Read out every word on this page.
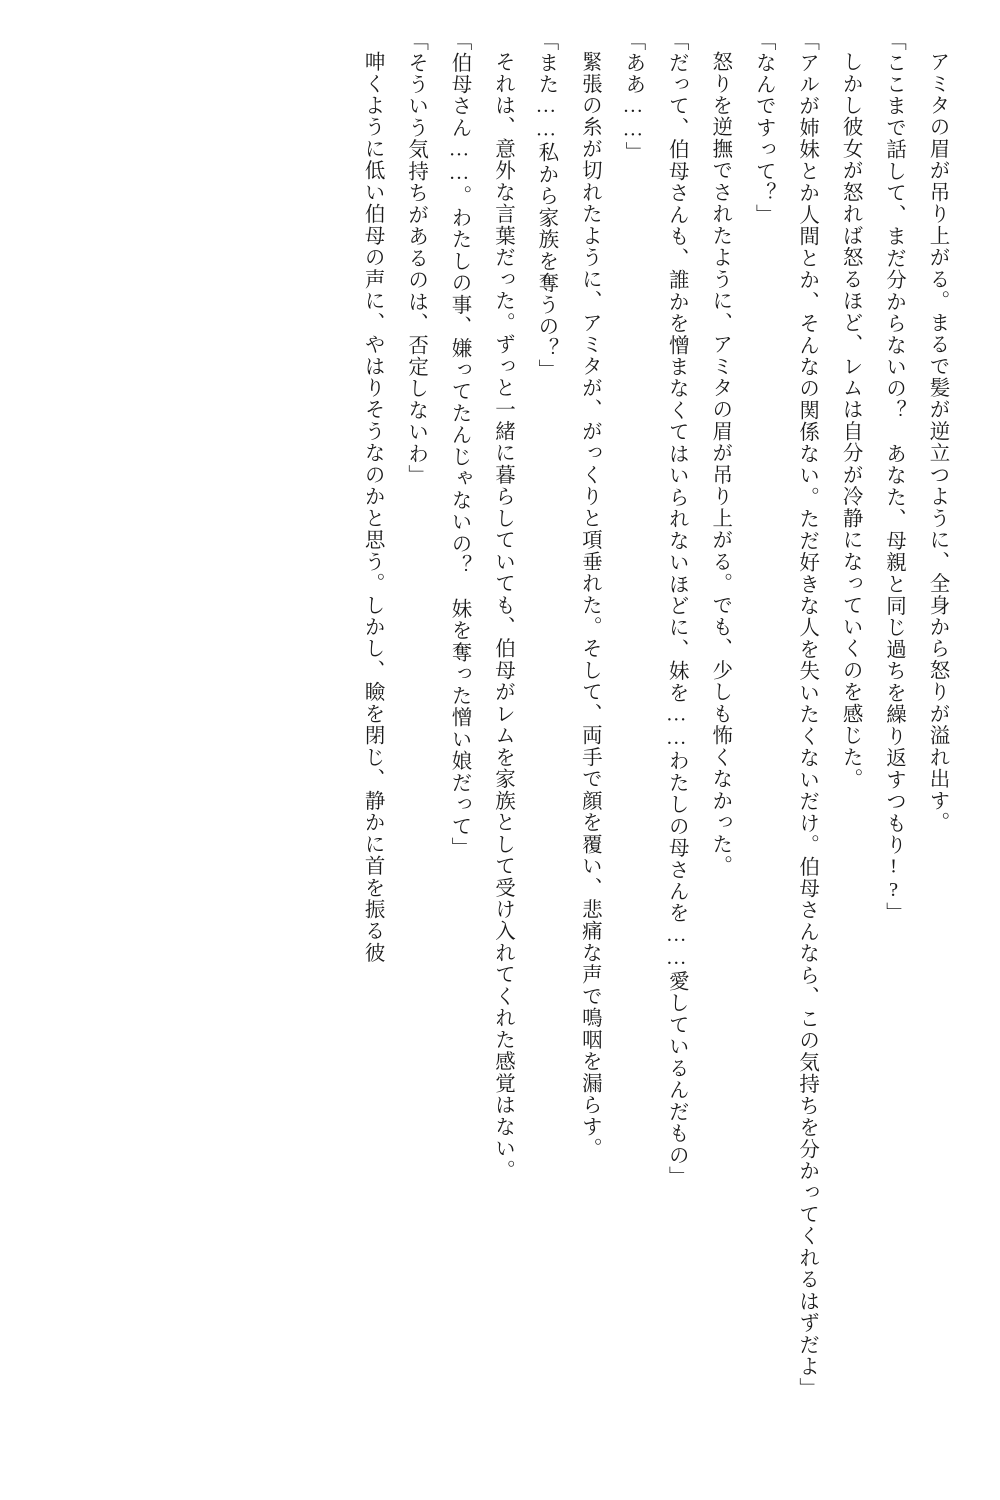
アミタの眉が吊り上がる。まるで髪が逆立つように、全身から怒りが溢れ出す。

「ここまで話して、まだ分からないの？　あなた、母親と同じ過ちを繰り返すつもり!?」

しかし彼女が怒れば怒るほど、レムは自分が冷静になっていくのを感じた。

「アルが姉妹とか人間とか、そんなの関係ない。ただ好きな人を失いたくないだけ。伯母さんなら、この気持ちを分かってくれるはずだよ」

「なんですって？」

怒りを逆撫でされたように、アミタの眉が吊り上がる。でも、少しも怖くなかった。

「だって、伯母さんも、誰かを憎まなくてはいられないほどに、妹を……わたしの母さんを……愛しているんだもの」

「ああ……」

緊張の糸が切れたように、アミタが、がっくりと項垂れた。そして、両手で顔を覆い、悲痛な声で鳴咽を漏らす。

「また……私から家族を奪うの？」

それは、意外な言葉だった。ずっと一緒に暮らしていても、伯母がレムを家族として受け入れてくれた感覚はない。

「伯母さん……。わたしの事、嫌ってたんじゃないの？　妹を奪った憎い娘だって」

「そういう気持ちがあるのは、否定しないわ」

呻くように低い伯母の声に、やはりそうなのかと思う。しかし、瞼を閉じ、静かに首を振る彼
